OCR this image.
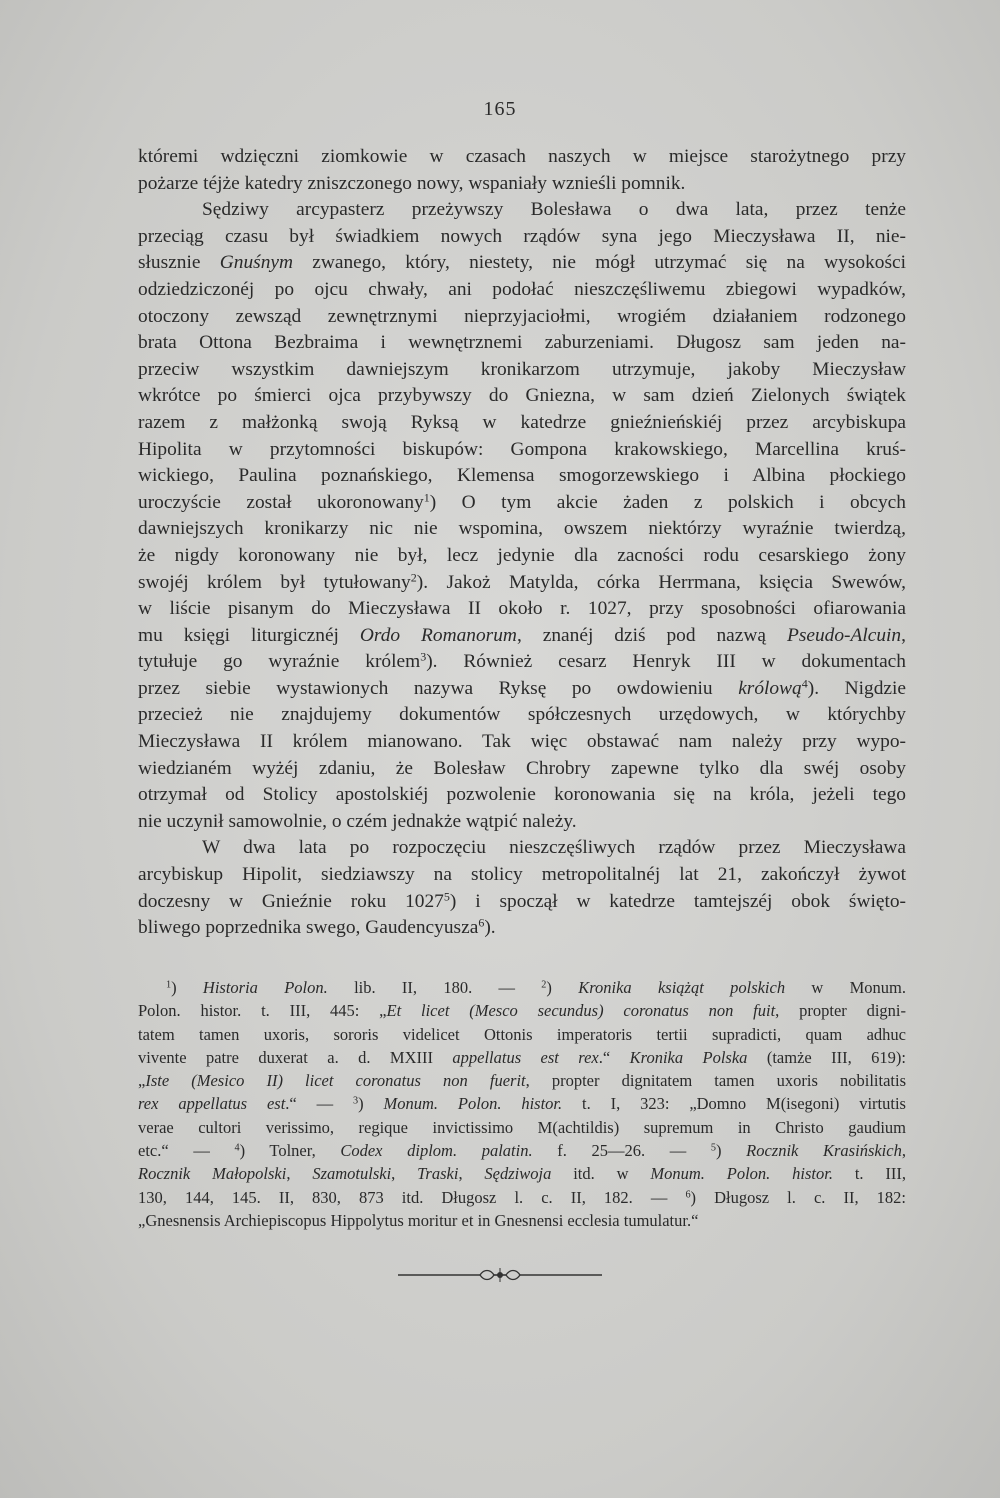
165
któremi wdzięczni ziomkowie w czasach naszych w miejsce starożytnego przy
pożarze téjże katedry zniszczonego nowy, wspaniały wznieśli pomnik.
Sędziwy arcypasterz przeżywszy Bolesława o dwa lata, przez tenże
przeciąg czasu był świadkiem nowych rządów syna jego Mieczysława II, nie-
słusznie Gnuśnym zwanego, który, niestety, nie mógł utrzymać się na wysokości
odziedziczonéj po ojcu chwały, ani podołać nieszczęśliwemu zbiegowi wypadków,
otoczony zewsząd zewnętrznymi nieprzyjaciołmi, wrogiém działaniem rodzonego
brata Ottona Bezbraima i wewnętrznemi zaburzeniami. Długosz sam jeden na-
przeciw wszystkim dawniejszym kronikarzom utrzymuje, jakoby Mieczysław
wkrótce po śmierci ojca przybywszy do Gniezna, w sam dzień Zielonych świątek
razem z małżonką swoją Ryksą w katedrze gnieźnieńskiéj przez arcybiskupa
Hipolita w przytomności biskupów: Gompona krakowskiego, Marcellina kruś-
wickiego, Paulina poznańskiego, Klemensa smogorzewskiego i Albina płockiego
uroczyście został ukoronowany$^1$) O tym akcie żaden z polskich i obcych
dawniejszych kronikarzy nic nie wspomina, owszem niektórzy wyraźnie twierdzą,
że nigdy koronowany nie był, lecz jedynie dla zacności rodu cesarskiego żony
swojéj królem był tytułowany$^2$). Jakoż Matylda, córka Herrmana, księcia Swewów,
w liście pisanym do Mieczysława II około r. 1027, przy sposobności ofiarowania
mu księgi liturgicznéj Ordo Romanorum, znanéj dziś pod nazwą Pseudo-Alcuin,
tytułuje go wyraźnie królem$^3$). Również cesarz Henryk III w dokumentach
przez siebie wystawionych nazywa Ryksę po owdowieniu królową$^4$). Nigdzie
przecież nie znajdujemy dokumentów spółczesnych urzędowych, w którychby
Mieczysława II królem mianowano. Tak więc obstawać nam należy przy wypo-
wiedzianém wyżéj zdaniu, że Bolesław Chrobry zapewne tylko dla swéj osoby
otrzymał od Stolicy apostolskiéj pozwolenie koronowania się na króla, jeżeli tego
nie uczynił samowolnie, o czém jednakże wątpić należy.
W dwa lata po rozpoczęciu nieszczęśliwych rządów przez Mieczysława
arcybiskup Hipolit, siedziawszy na stolicy metropolitalnéj lat 21, zakończył żywot
doczesny w Gnieźnie roku 1027$^5$) i spoczął w katedrze tamtejszéj obok święto-
bliwego poprzednika swego, Gaudencyusza$^6$).
$^1$) Historia Polon. lib. II, 180. — $^2$) Kronika książąt polskich w Monum.
Polon. histor. t. III, 445: „Et licet (Mesco secundus) coronatus non fuit, propter digni-
tatem tamen uxoris, sororis videlicet Ottonis imperatoris tertii supradicti, quam adhuc
vivente patre duxerat a. d. MXIII appellatus est rex.“ Kronika Polska (tamże III, 619):
„Iste (Mesico II) licet coronatus non fuerit, propter dignitatem tamen uxoris nobilitatis
rex appellatus est.“ — $^3$) Monum. Polon. histor. t. I, 323: „Domno M(isegoni) virtutis
verae cultori verissimo, regique invictissimo M(achtildis) supremum in Christo gaudium
etc.“ — $^4$) Tolner, Codex diplom. palatin. f. 25—26. — $^5$) Rocznik Krasińskich,
Rocznik Małopolski, Szamotulski, Traski, Sędziwoja itd. w Monum. Polon. histor. t. III,
130, 144, 145. II, 830, 873 itd. Długosz l. c. II, 182. — $^6$) Długosz l. c. II, 182:
„Gnesnensis Archiepiscopus Hippolytus moritur et in Gnesnensi ecclesia tumulatur.“
